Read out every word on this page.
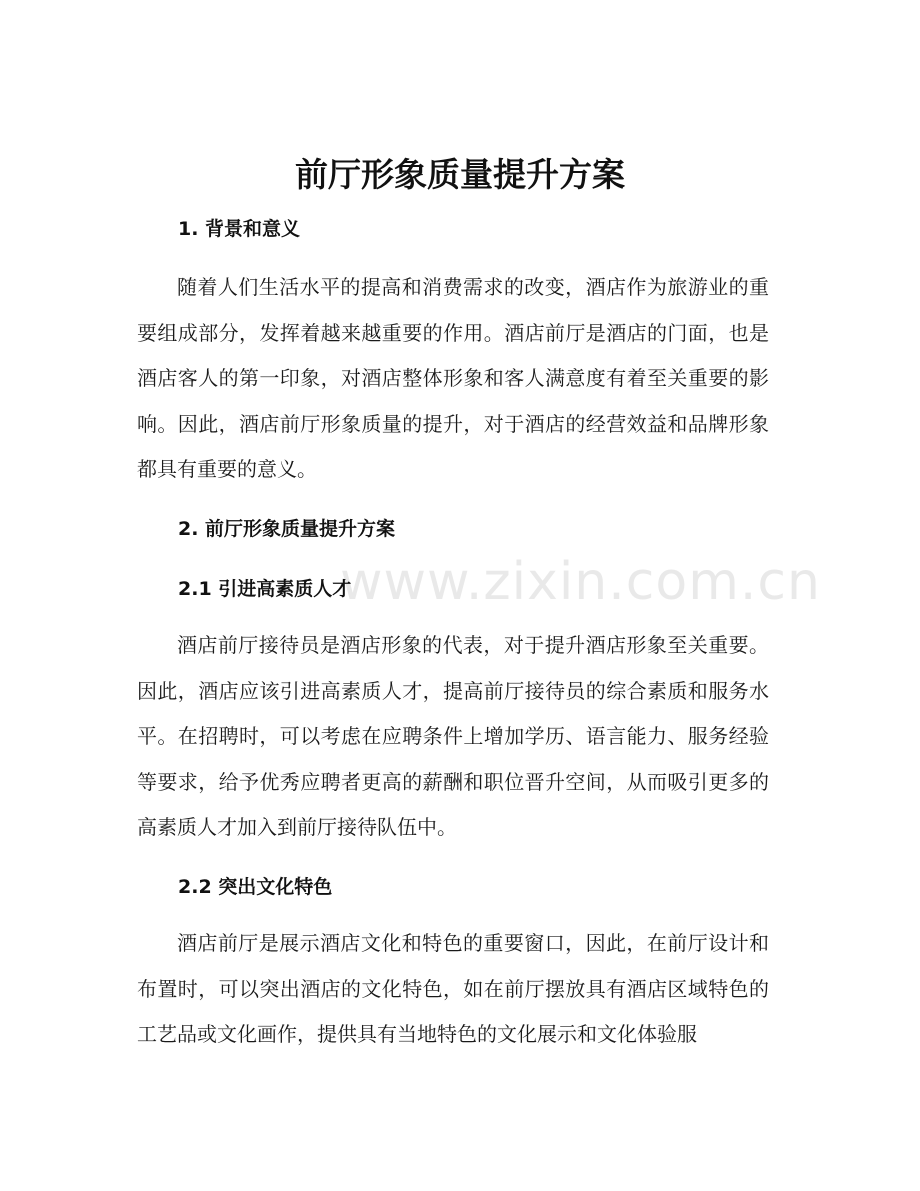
www.zixin.com.cn
前厅形象质量提升方案
1. 背景和意义

随着人们生活水平的提高和消费需求的改变，酒店作为旅游业的重要组成部分，发挥着越来越重要的作用。酒店前厅是酒店的门面，也是酒店客人的第一印象，对酒店整体形象和客人满意度有着至关重要的影响。因此，酒店前厅形象质量的提升，对于酒店的经营效益和品牌形象都具有重要的意义。

2. 前厅形象质量提升方案
2.1 引进高素质人才

酒店前厅接待员是酒店形象的代表，对于提升酒店形象至关重要。因此，酒店应该引进高素质人才，提高前厅接待员的综合素质和服务水平。在招聘时，可以考虑在应聘条件上增加学历、语言能力、服务经验等要求，给予优秀应聘者更高的薪酬和职位晋升空间，从而吸引更多的高素质人才加入到前厅接待队伍中。

2.2 突出文化特色

酒店前厅是展示酒店文化和特色的重要窗口，因此，在前厅设计和布置时，可以突出酒店的文化特色，如在前厅摆放具有酒店区域特色的工艺品或文化画作，提供具有当地特色的文化展示和文化体验服
